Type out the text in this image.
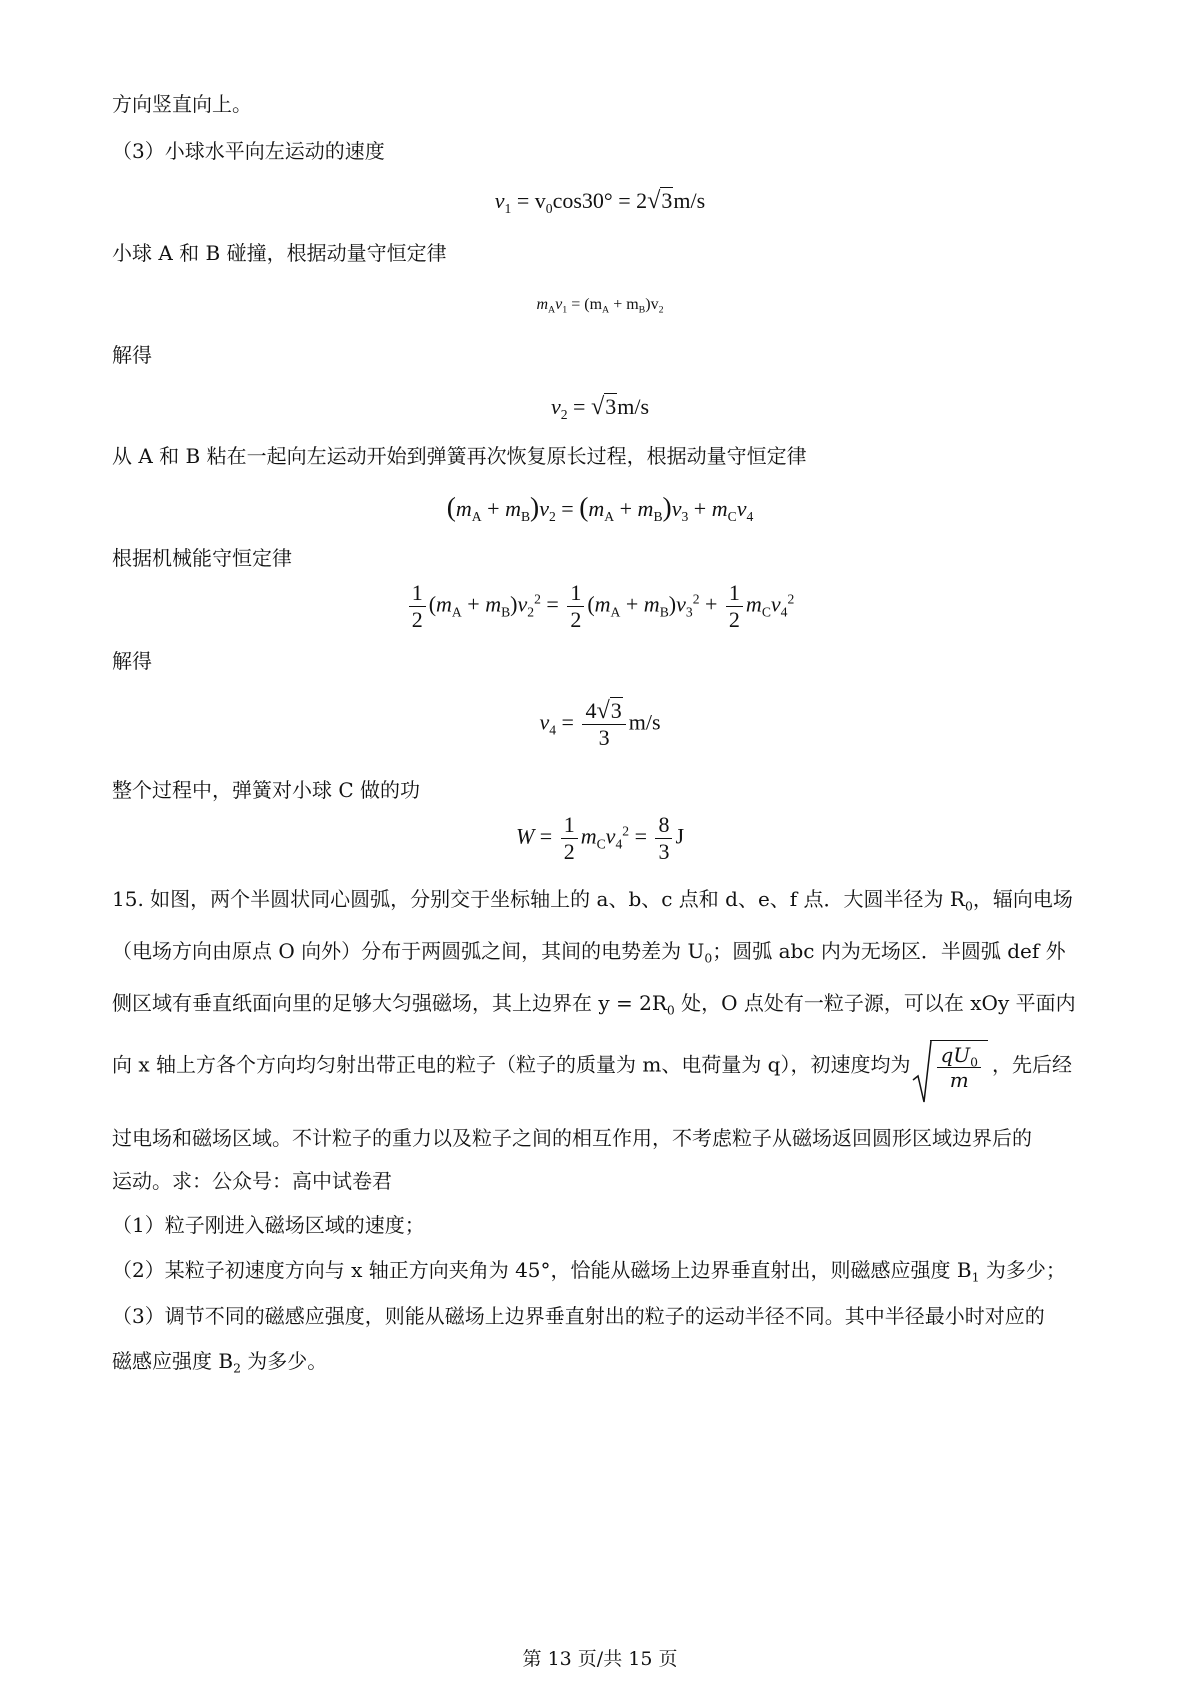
方向竖直向上。
（3）小球水平向左运动的速度
$v_1 = v_0\cos 30^\circ = 2√3m/s$
小球 A 和 B 碰撞，根据动量守恒定律
$m_Av_1 = (m_A + m_B)v_2$
解得
$v_2 = √3m/s$
从 A 和 B 粘在一起向左运动开始到弹簧再次恢复原长过程，根据动量守恒定律
$(m_A + m_B)v_2 = (m_A + m_B)v_3 + m_Cv_4$
根据机械能守恒定律
$\frac{1}{2} (m_A + m_B)v_2^2 = \frac{1}{2} (m_A + m_B)v_3^2 + \frac{1}{2} m_Cv_4^2$
解得
$v_4 = \frac{4√3}{3} m/s$
整个过程中，弹簧对小球 C 做的功
$W = \frac{1}{2} m_Cv_4^2 = \frac{8}{3}$ J
15. 如图，两个半圆状同心圆弧，分别交于坐标轴上的 a、b、c 点和 d、e、f 点．大圆半径为 $R_0$，辐向电场
（电场方向由原点 O 向外）分布于两圆弧之间，其间的电势差为 $U_0$；圆弧 abc 内为无场区．半圆弧 def 外
侧区域有垂直纸面向里的足够大匀强磁场，其上边界在 $y = 2R_0$ 处，O 点处有一粒子源，可以在 xOy 平面内
向 x 轴上方各个方向均匀射出带正电的粒子（粒子的质量为 m、电荷量为 q），初速度均为 $\frac{qU_0}{m}$ ，先后经
过电场和磁场区域。不计粒子的重力以及粒子之间的相互作用，不考虑粒子从磁场返回圆形区域边界后的
运动。求：公众号：高中试卷君
（1）粒子刚进入磁场区域的速度；
（2）某粒子初速度方向与 x 轴正方向夹角为 45°，恰能从磁场上边界垂直射出，则磁感应强度 $B_1$ 为多少；
（3）调节不同的磁感应强度，则能从磁场上边界垂直射出的粒子的运动半径不同。其中半径最小时对应的
磁感应强度 $B_2$ 为多少。
第 13 页/共 15 页
